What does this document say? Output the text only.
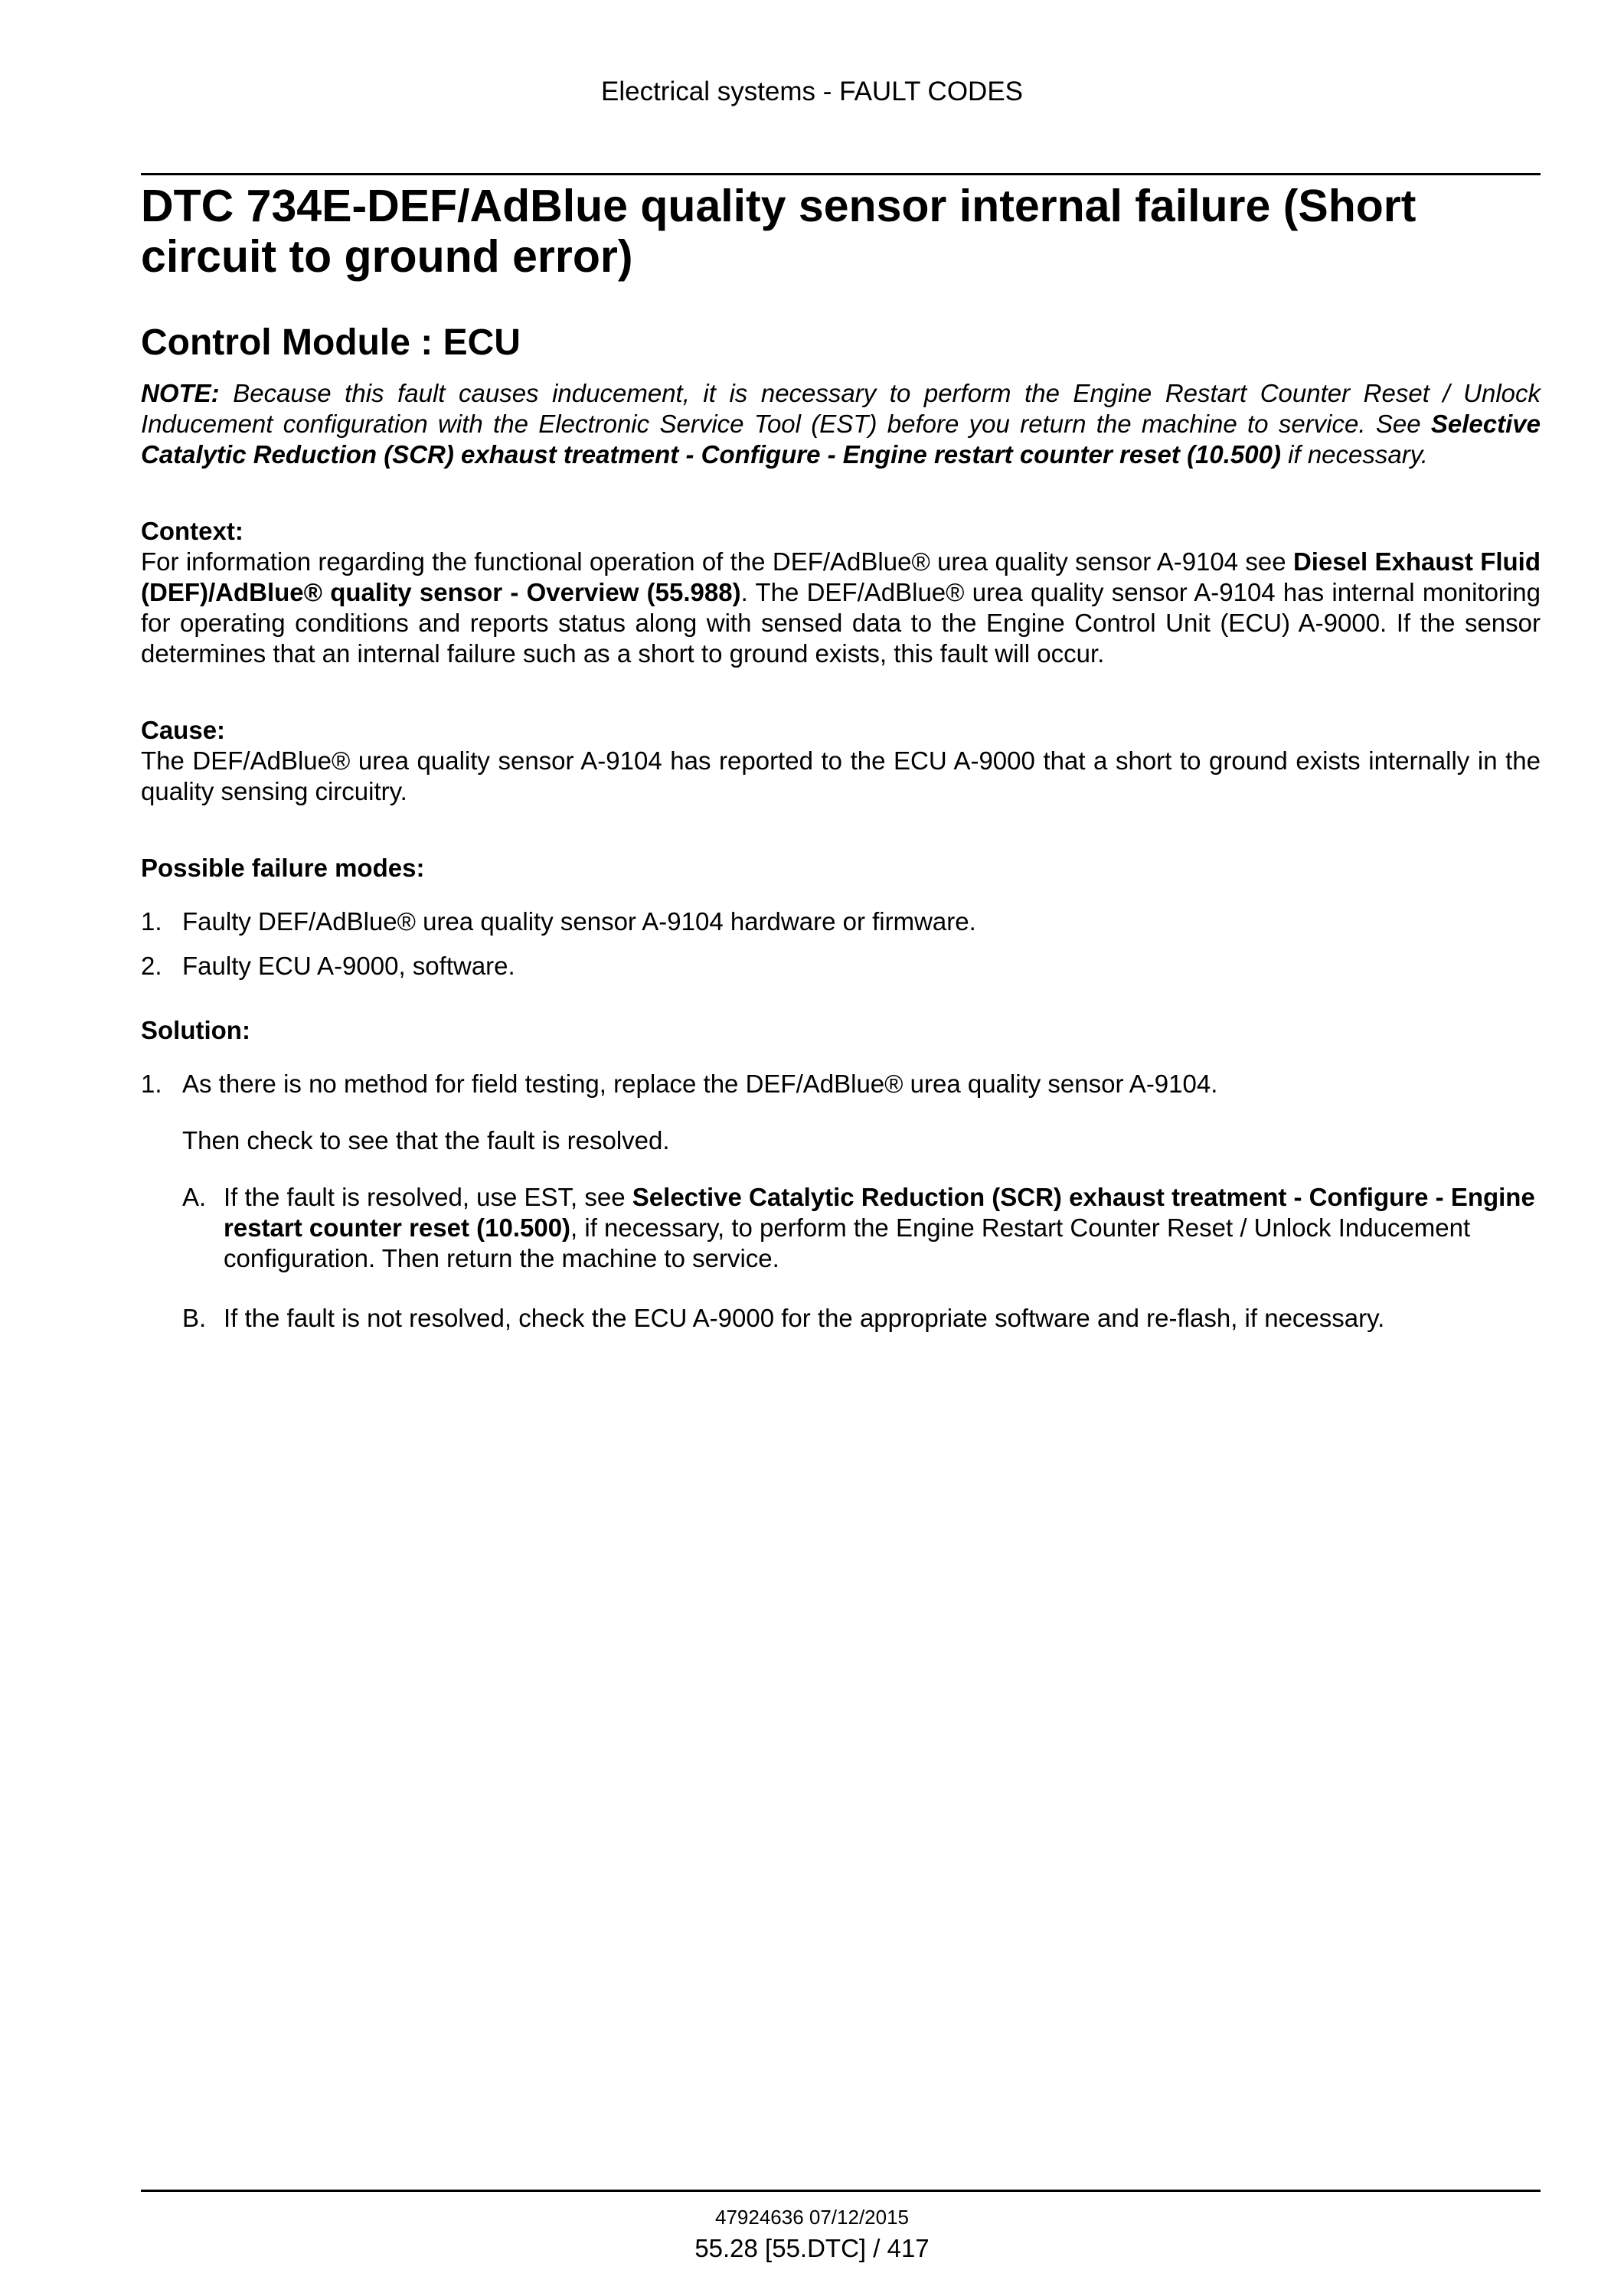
Electrical systems - FAULT CODES
DTC 734E-DEF/AdBlue quality sensor internal failure (Short circuit to ground error)
Control Module : ECU

NOTE: Because this fault causes inducement, it is necessary to perform the Engine Restart Counter Reset / Unlock Inducement configuration with the Electronic Service Tool (EST) before you return the machine to service. See Selective Catalytic Reduction (SCR) exhaust treatment - Configure - Engine restart counter reset (10.500) if necessary.

Context:

For information regarding the functional operation of the DEF/AdBlue® urea quality sensor A-9104 see Diesel Exhaust Fluid (DEF)/AdBlue® quality sensor - Overview (55.988). The DEF/AdBlue® urea quality sensor A-9104 has internal monitoring for operating conditions and reports status along with sensed data to the Engine Control Unit (ECU) A-9000. If the sensor determines that an internal failure such as a short to ground exists, this fault will occur.

Cause:

The DEF/AdBlue® urea quality sensor A-9104 has reported to the ECU A-9000 that a short to ground exists internally in the quality sensing circuitry.

Possible failure modes:

1. Faulty DEF/AdBlue® urea quality sensor A-9104 hardware or firmware.
2. Faulty ECU A-9000, software.

Solution:

1. As there is no method for field testing, replace the DEF/AdBlue® urea quality sensor A-9104.

Then check to see that the fault is resolved.

A. If the fault is resolved, use EST, see Selective Catalytic Reduction (SCR) exhaust treatment - Configure - Engine restart counter reset (10.500), if necessary, to perform the Engine Restart Counter Reset / Unlock Inducement configuration. Then return the machine to service.
B. If the fault is not resolved, check the ECU A-9000 for the appropriate software and re-flash, if necessary.
47924636 07/12/2015
55.28 [55.DTC] / 417
